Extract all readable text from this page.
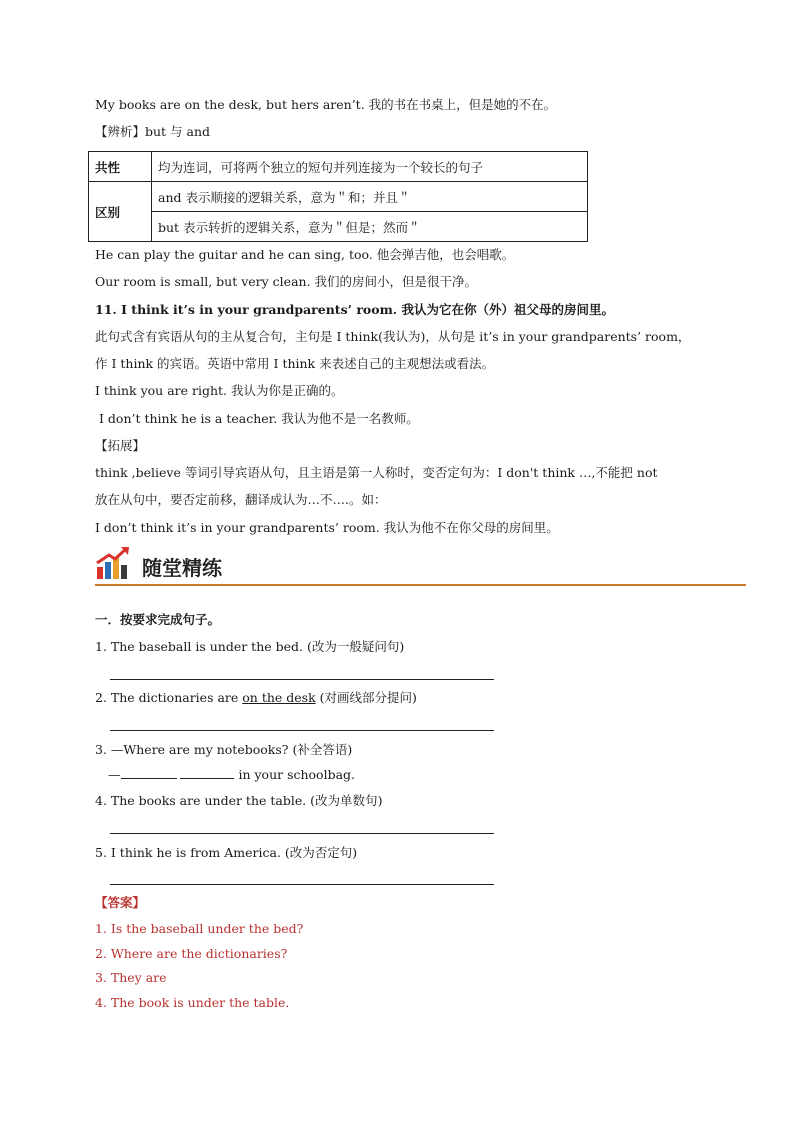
My books are on the desk, but hers aren’t. 我的书在书桌上，但是她的不在。
【辨析】but 与 and
共性	均为连词，可将两个独立的短句并列连接为一个较长的句子
区别	and 表示顺接的逻辑关系，意为＂和；并且＂
	but 表示转折的逻辑关系，意为＂但是；然而＂
He can play the guitar and he can sing, too. 他会弹吉他，也会唱歌。
Our room is small, but very clean. 我们的房间小，但是很干净。
11. I think it’s in your grandparents’ room. 我认为它在你（外）祖父母的房间里。
此句式含有宾语从句的主从复合句，主句是 I think(我认为)，从句是 it’s in your grandparents’ room，
作 I think 的宾语。英语中常用 I think 来表述自己的主观想法或看法。
I think you are right. 我认为你是正确的。
I don’t think he is a teacher. 我认为他不是一名教师。
【拓展】
think ,believe 等词引导宾语从句，且主语是第一人称时，变否定句为：I don't think …,不能把 not
放在从句中，要否定前移，翻译成认为…不….。如：
I don’t think it’s in your grandparents’ room. 我认为他不在你父母的房间里。
随堂精练
一．按要求完成句子。
1. The baseball is under the bed. (改为一般疑问句)
2. The dictionaries are on the desk (对画线部分提问)
3. —Where are my notebooks? (补全答语)
—	in your schoolbag.
4. The books are under the table. (改为单数句)
5. I think he is from America. (改为否定句)
【答案】
1. Is the baseball under the bed?
2. Where are the dictionaries?
3. They are
4. The book is under the table.
